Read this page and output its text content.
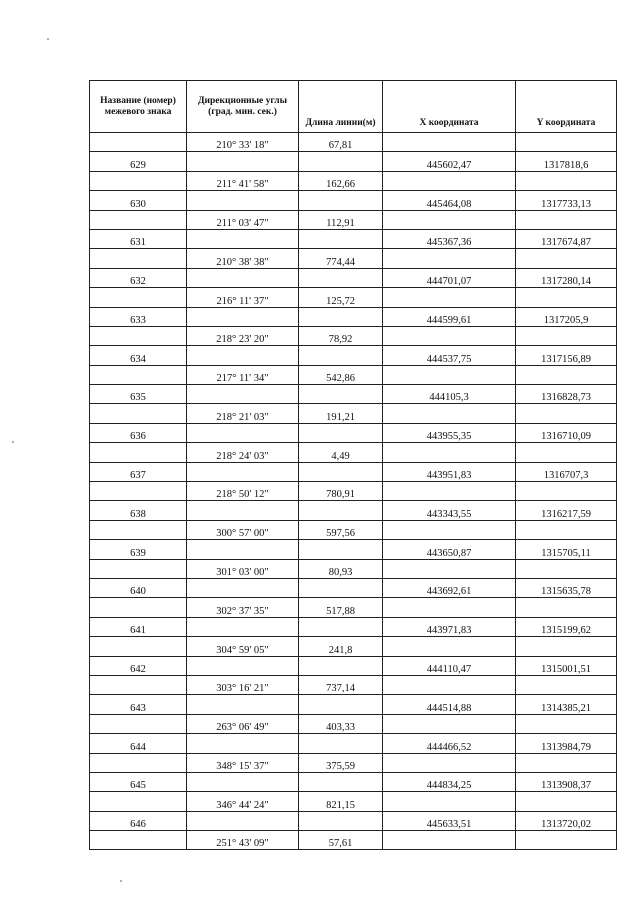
Название (номер) межевого знака	Дирекционные углы (град. мин. сек.)	Длина линии(м)	X координата	Y координата
	210° 33' 18"	67,81		
629			445602,47	1317818,6
	211° 41' 58"	162,66		
630			445464,08	1317733,13
	211° 03' 47"	112,91		
631			445367,36	1317674,87
	210° 38' 38"	774,44		
632			444701,07	1317280,14
	216° 11' 37"	125,72		
633			444599,61	1317205,9
	218° 23' 20"	78,92		
634			444537,75	1317156,89
	217° 11' 34"	542,86		
635			444105,3	1316828,73
	218° 21' 03"	191,21		
636			443955,35	1316710,09
	218° 24' 03"	4,49		
637			443951,83	1316707,3
	218° 50' 12"	780,91		
638			443343,55	1316217,59
	300° 57' 00"	597,56		
639			443650,87	1315705,11
	301° 03' 00"	80,93		
640			443692,61	1315635,78
	302° 37' 35"	517,88		
641			443971,83	1315199,62
	304° 59' 05"	241,8		
642			444110,47	1315001,51
	303° 16' 21"	737,14		
643			444514,88	1314385,21
	263° 06' 49"	403,33		
644			444466,52	1313984,79
	348° 15' 37"	375,59		
645			444834,25	1313908,37
	346° 44' 24"	821,15		
646			445633,51	1313720,02
	251° 43' 09"	57,61		
